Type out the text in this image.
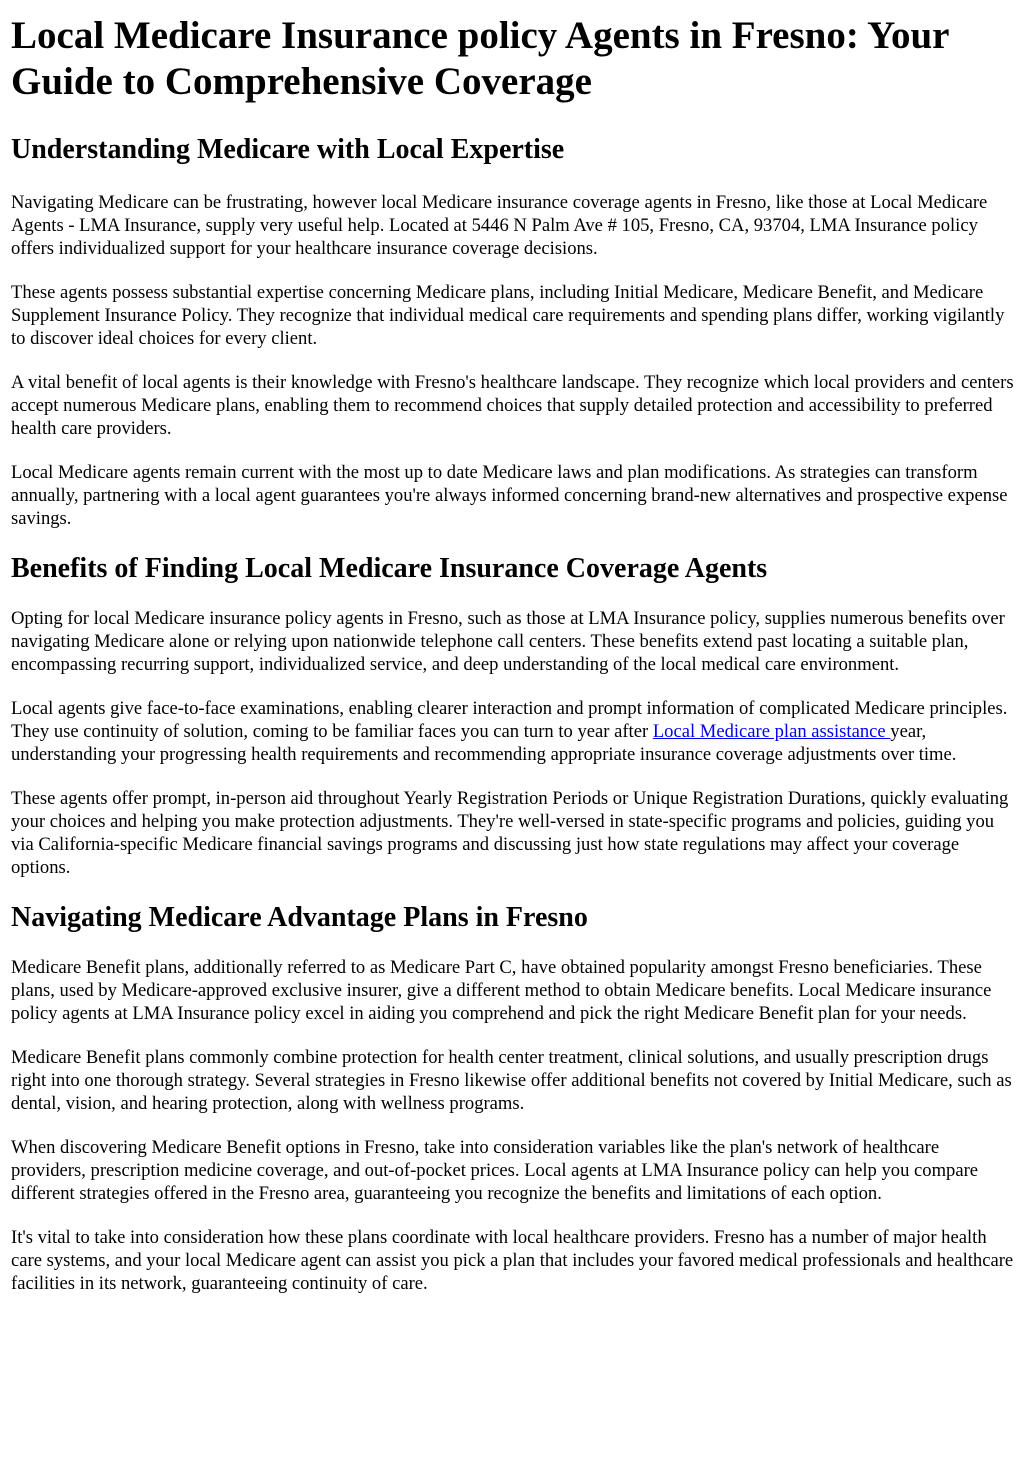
Local Medicare Insurance policy Agents in Fresno: Your Guide to Comprehensive Coverage
Understanding Medicare with Local Expertise

Navigating Medicare can be frustrating, however local Medicare insurance coverage agents in Fresno, like those at Local Medicare Agents - LMA Insurance, supply very useful help. Located at 5446 N Palm Ave # 105, Fresno, CA, 93704, LMA Insurance policy offers individualized support for your healthcare insurance coverage decisions.

These agents possess substantial expertise concerning Medicare plans, including Initial Medicare, Medicare Benefit, and Medicare Supplement Insurance Policy. They recognize that individual medical care requirements and spending plans differ, working vigilantly to discover ideal choices for every client.

A vital benefit of local agents is their knowledge with Fresno's healthcare landscape. They recognize which local providers and centers accept numerous Medicare plans, enabling them to recommend choices that supply detailed protection and accessibility to preferred health care providers.

Local Medicare agents remain current with the most up to date Medicare laws and plan modifications. As strategies can transform annually, partnering with a local agent guarantees you're always informed concerning brand-new alternatives and prospective expense savings.

Benefits of Finding Local Medicare Insurance Coverage Agents

Opting for local Medicare insurance policy agents in Fresno, such as those at LMA Insurance policy, supplies numerous benefits over navigating Medicare alone or relying upon nationwide telephone call centers. These benefits extend past locating a suitable plan, encompassing recurring support, individualized service, and deep understanding of the local medical care environment.

Local agents give face-to-face examinations, enabling clearer interaction and prompt information of complicated Medicare principles. They use continuity of solution, coming to be familiar faces you can turn to year after Local Medicare plan assistance year, understanding your progressing health requirements and recommending appropriate insurance coverage adjustments over time.

These agents offer prompt, in-person aid throughout Yearly Registration Periods or Unique Registration Durations, quickly evaluating your choices and helping you make protection adjustments. They're well-versed in state-specific programs and policies, guiding you via California-specific Medicare financial savings programs and discussing just how state regulations may affect your coverage options.

Navigating Medicare Advantage Plans in Fresno

Medicare Benefit plans, additionally referred to as Medicare Part C, have obtained popularity amongst Fresno beneficiaries. These plans, used by Medicare-approved exclusive insurer, give a different method to obtain Medicare benefits. Local Medicare insurance policy agents at LMA Insurance policy excel in aiding you comprehend and pick the right Medicare Benefit plan for your needs.

Medicare Benefit plans commonly combine protection for health center treatment, clinical solutions, and usually prescription drugs right into one thorough strategy. Several strategies in Fresno likewise offer additional benefits not covered by Initial Medicare, such as dental, vision, and hearing protection, along with wellness programs.

When discovering Medicare Benefit options in Fresno, take into consideration variables like the plan's network of healthcare providers, prescription medicine coverage, and out-of-pocket prices. Local agents at LMA Insurance policy can help you compare different strategies offered in the Fresno area, guaranteeing you recognize the benefits and limitations of each option.

It's vital to take into consideration how these plans coordinate with local healthcare providers. Fresno has a number of major health care systems, and your local Medicare agent can assist you pick a plan that includes your favored medical professionals and healthcare facilities in its network, guaranteeing continuity of care.
